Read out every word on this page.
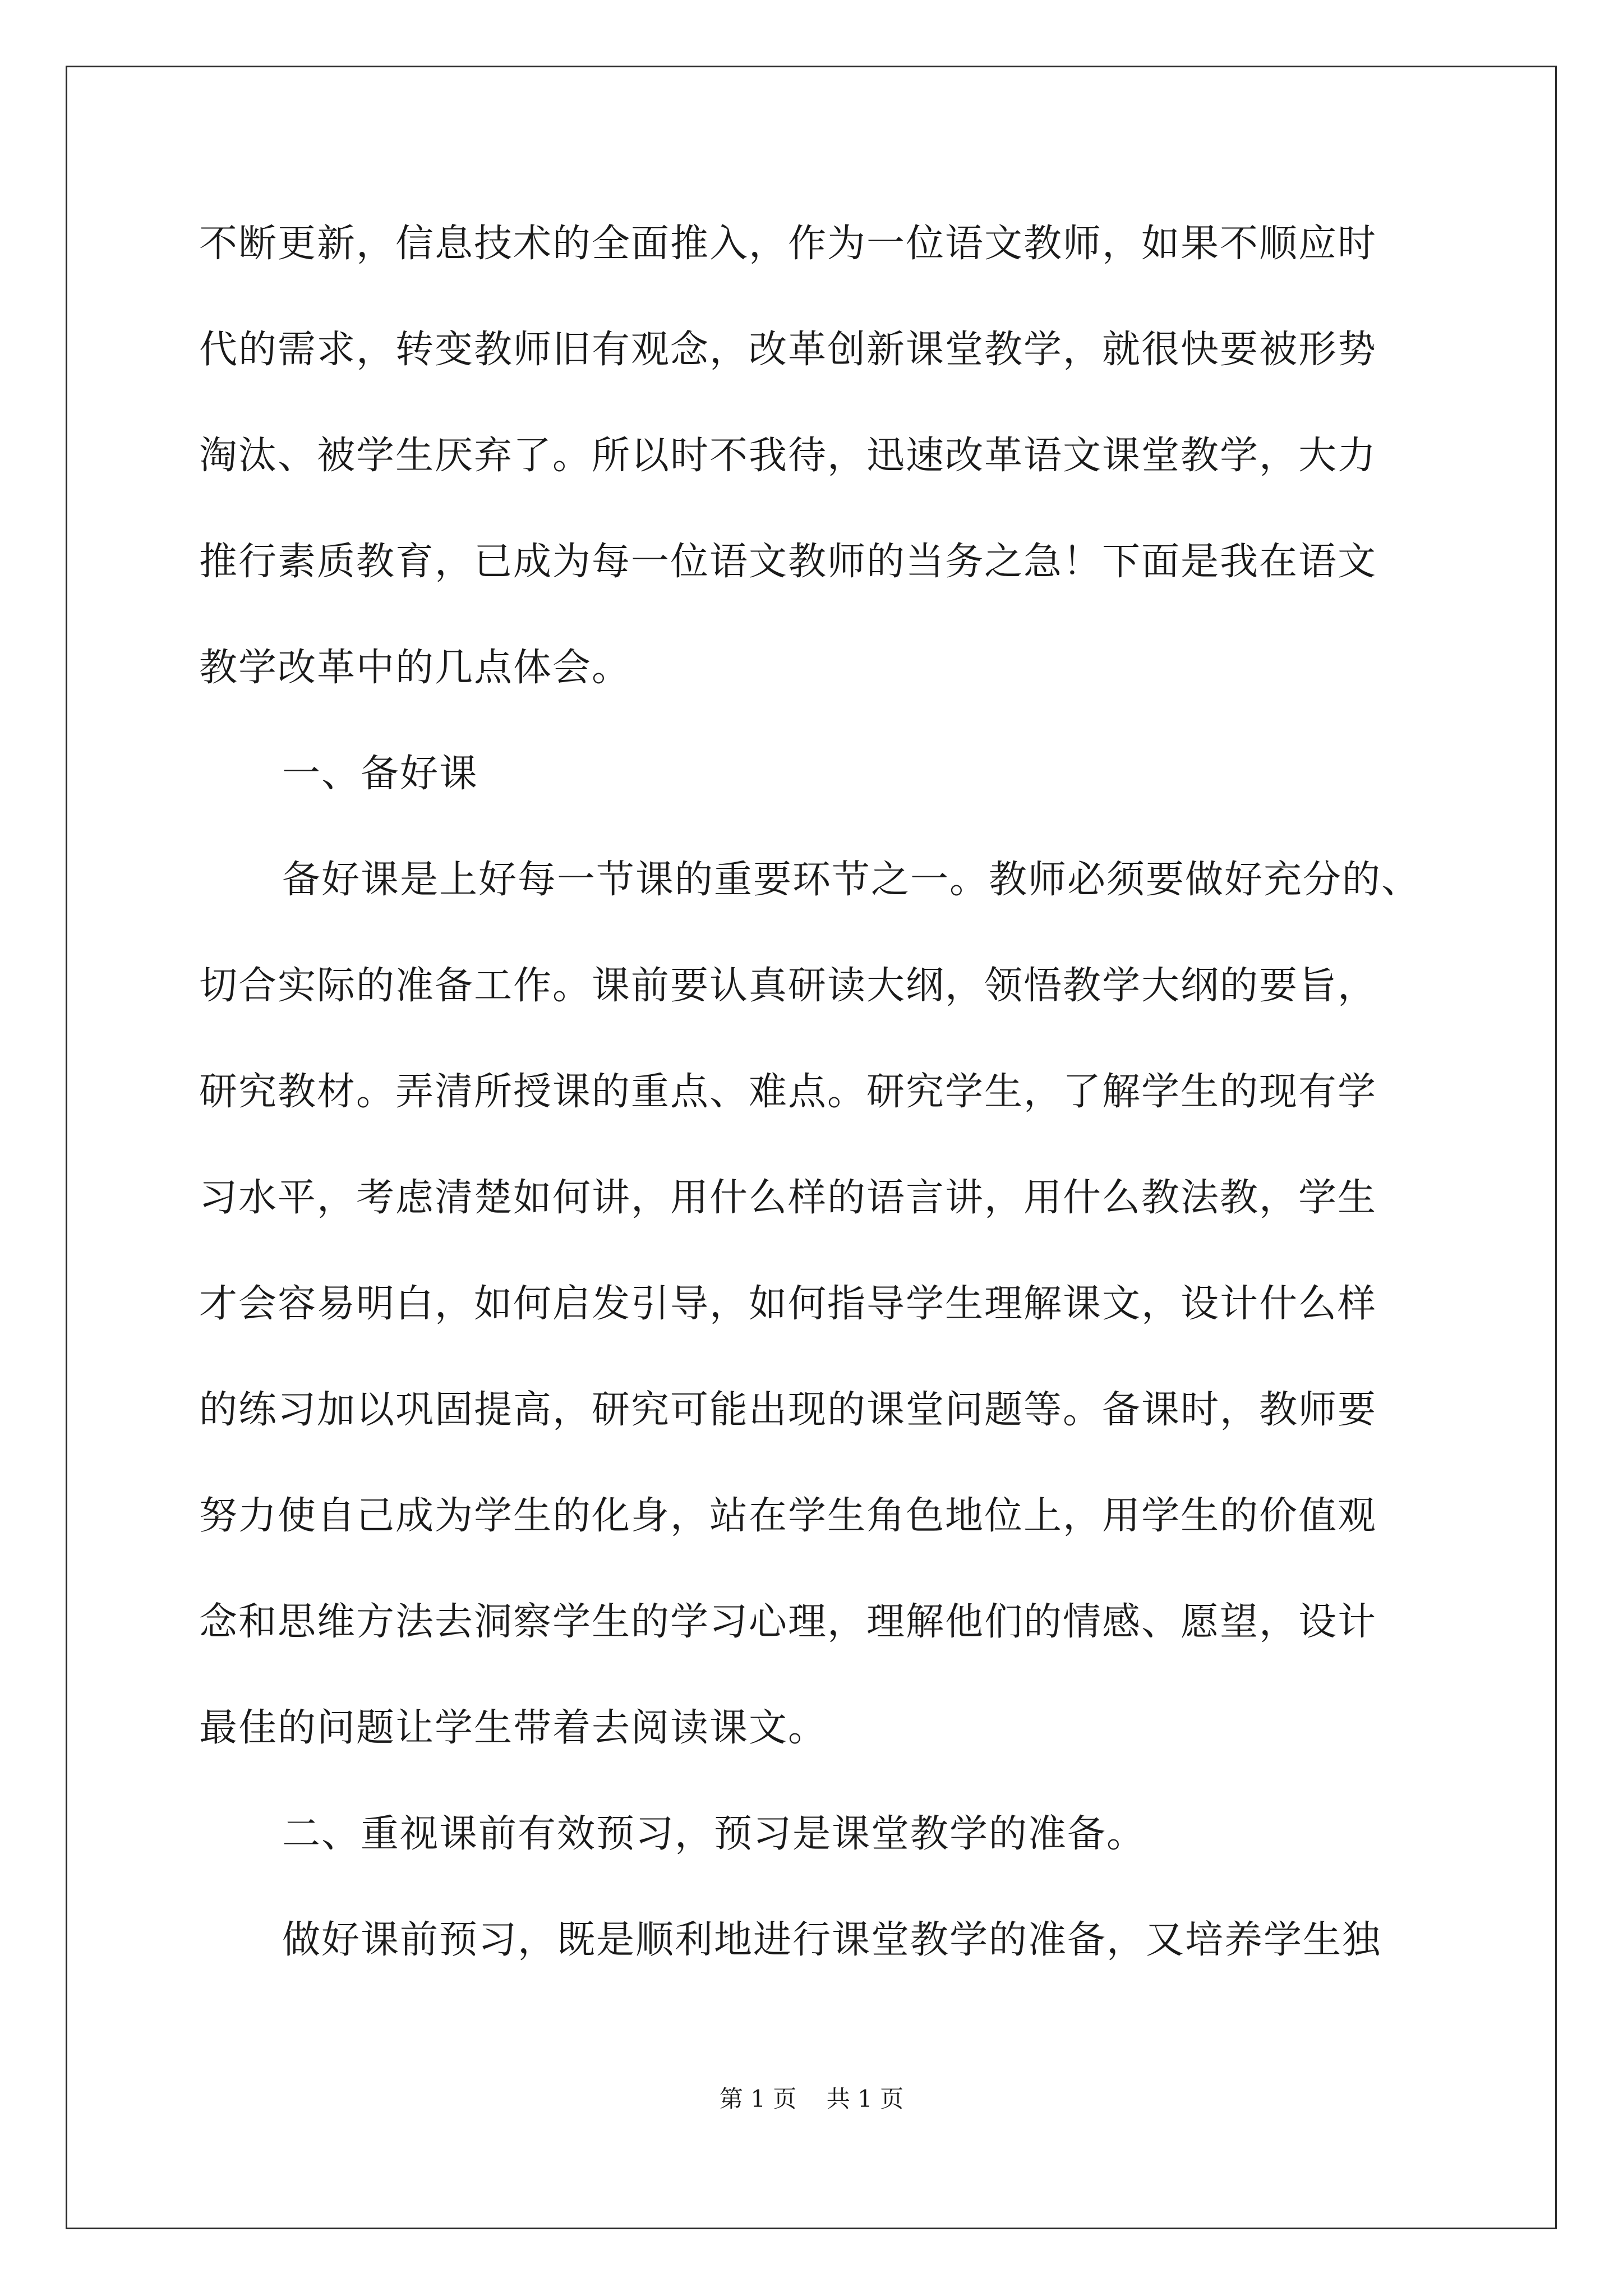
不断更新，信息技术的全面推入，作为一位语文教师，如果不顺应时
代的需求，转变教师旧有观念，改革创新课堂教学，就很快要被形势
淘汰、被学生厌弃了。所以时不我待，迅速改革语文课堂教学，大力
推行素质教育，已成为每一位语文教师的当务之急！下面是我在语文
教学改革中的几点体会。
一、备好课
备好课是上好每一节课的重要环节之一。教师必须要做好充分的、
切合实际的准备工作。课前要认真研读大纲，领悟教学大纲的要旨，
研究教材。弄清所授课的重点、难点。研究学生，了解学生的现有学
习水平，考虑清楚如何讲，用什么样的语言讲，用什么教法教，学生
才会容易明白，如何启发引导，如何指导学生理解课文，设计什么样
的练习加以巩固提高，研究可能出现的课堂问题等。备课时，教师要
努力使自己成为学生的化身，站在学生角色地位上，用学生的价值观
念和思维方法去洞察学生的学习心理，理解他们的情感、愿望，设计
最佳的问题让学生带着去阅读课文。
二、重视课前有效预习，预习是课堂教学的准备。
做好课前预习，既是顺利地进行课堂教学的准备，又培养学生独
第 1 页    共 1 页
